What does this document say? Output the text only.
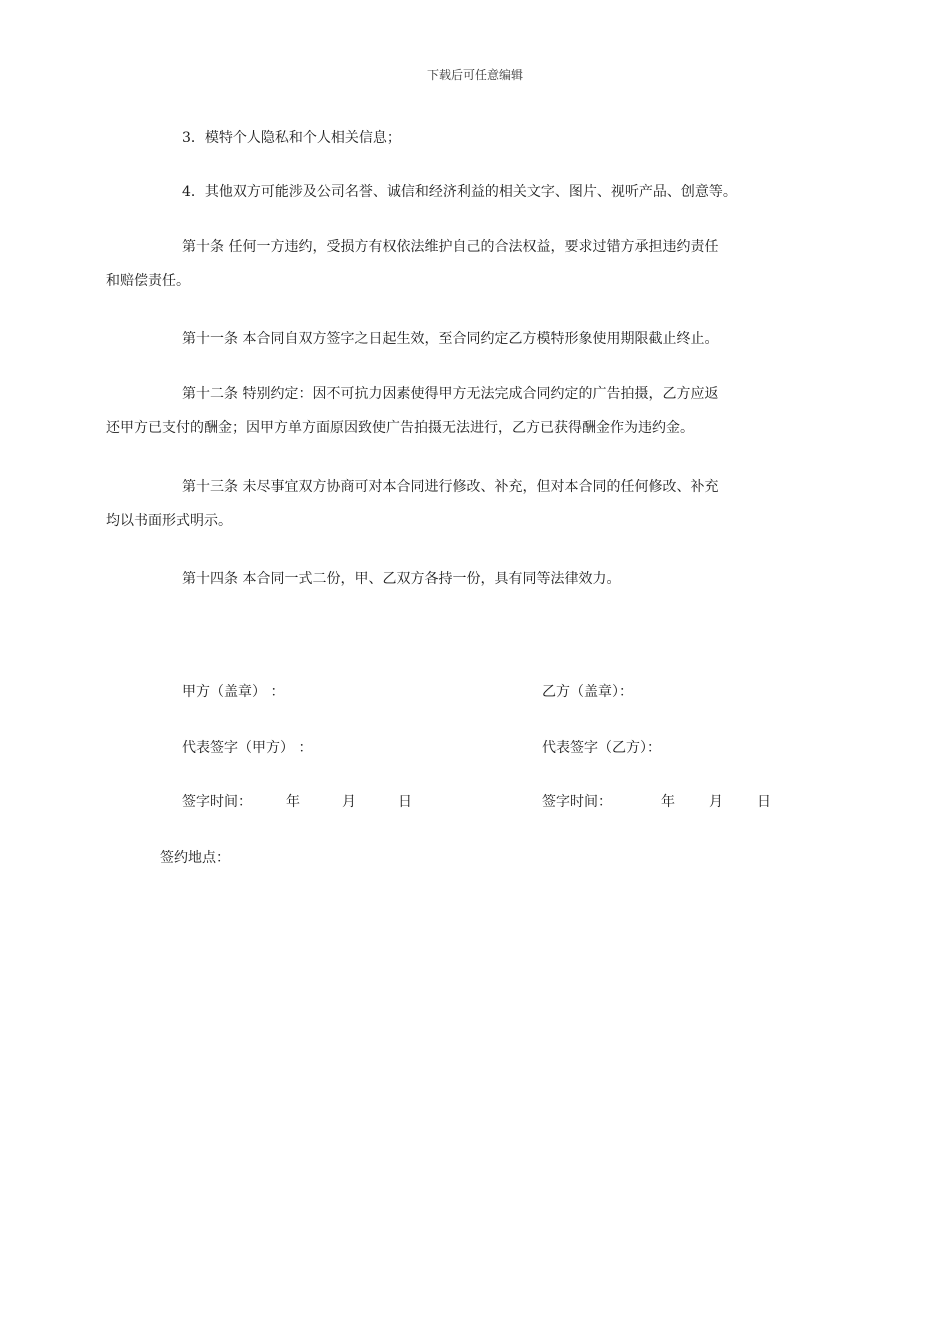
下载后可任意编辑

3．模特个人隐私和个人相关信息；

4．其他双方可能涉及公司名誉、诚信和经济利益的相关文字、图片、视听产品、创意等。

第十条 任何一方违约，受损方有权依法维护自己的合法权益，要求过错方承担违约责任
和赔偿责任。

第十一条 本合同自双方签字之日起生效，至合同约定乙方模特形象使用期限截止终止。

第十二条 特别约定：因不可抗力因素使得甲方无法完成合同约定的广告拍摄，乙方应返
还甲方已支付的酬金；因甲方单方面原因致使广告拍摄无法进行，乙方已获得酬金作为违约金。

第十三条 未尽事宜双方协商可对本合同进行修改、补充，但对本合同的任何修改、补充
均以书面形式明示。

第十四条 本合同一式二份，甲、乙双方各持一份，具有同等法律效力。

甲方（盖章） ：	乙方（盖章）：
代表签字（甲方） ：	代表签字（乙方）：
签字时间： 年	月	日	签字时间：	年 月 日
签约地点：
